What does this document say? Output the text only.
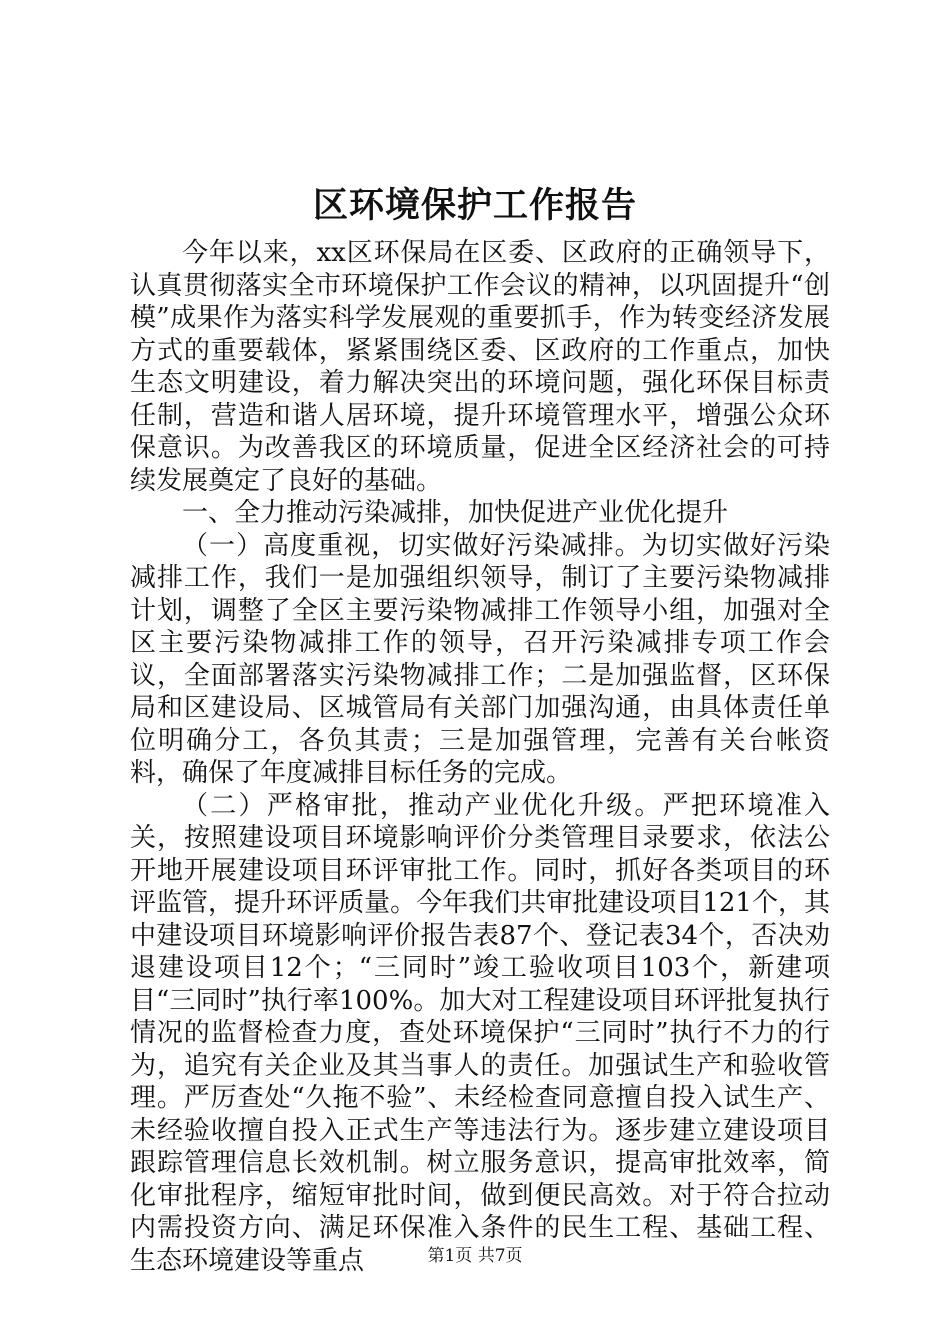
区环境保护工作报告

今年以来，xx区环保局在区委、区政府的正确领导下，认真贯彻落实全市环境保护工作会议的精神，以巩固提升“创模”成果作为落实科学发展观的重要抓手，作为转变经济发展方式的重要载体，紧紧围绕区委、区政府的工作重点，加快生态文明建设，着力解决突出的环境问题，强化环保目标责任制，营造和谐人居环境，提升环境管理水平，增强公众环保意识。为改善我区的环境质量，促进全区经济社会的可持续发展奠定了良好的基础。

一、全力推动污染减排，加快促进产业优化提升

（一）高度重视，切实做好污染减排。为切实做好污染减排工作，我们一是加强组织领导，制订了主要污染物减排计划，调整了全区主要污染物减排工作领导小组，加强对全区主要污染物减排工作的领导，召开污染减排专项工作会议，全面部署落实污染物减排工作；二是加强监督，区环保局和区建设局、区城管局有关部门加强沟通，由具体责任单位明确分工，各负其责；三是加强管理，完善有关台帐资料，确保了年度减排目标任务的完成。

（二）严格审批，推动产业优化升级。严把环境准入关，按照建设项目环境影响评价分类管理目录要求，依法公开地开展建设项目环评审批工作。同时，抓好各类项目的环评监管，提升环评质量。今年我们共审批建设项目121个，其中建设项目环境影响评价报告表87个、登记表34个，否决劝退建设项目12个；“三同时”竣工验收项目103个，新建项目“三同时”执行率100%。加大对工程建设项目环评批复执行情况的监督检查力度，查处环境保护“三同时”执行不力的行为，追究有关企业及其当事人的责任。加强试生产和验收管理。严厉查处“久拖不验”、未经检查同意擅自投入试生产、未经验收擅自投入正式生产等违法行为。逐步建立建设项目跟踪管理信息长效机制。树立服务意识，提高审批效率，简化审批程序，缩短审批时间，做到便民高效。对于符合拉动内需投资方向、满足环保准入条件的民生工程、基础工程、生态环境建设等重点	第1页 共7页
